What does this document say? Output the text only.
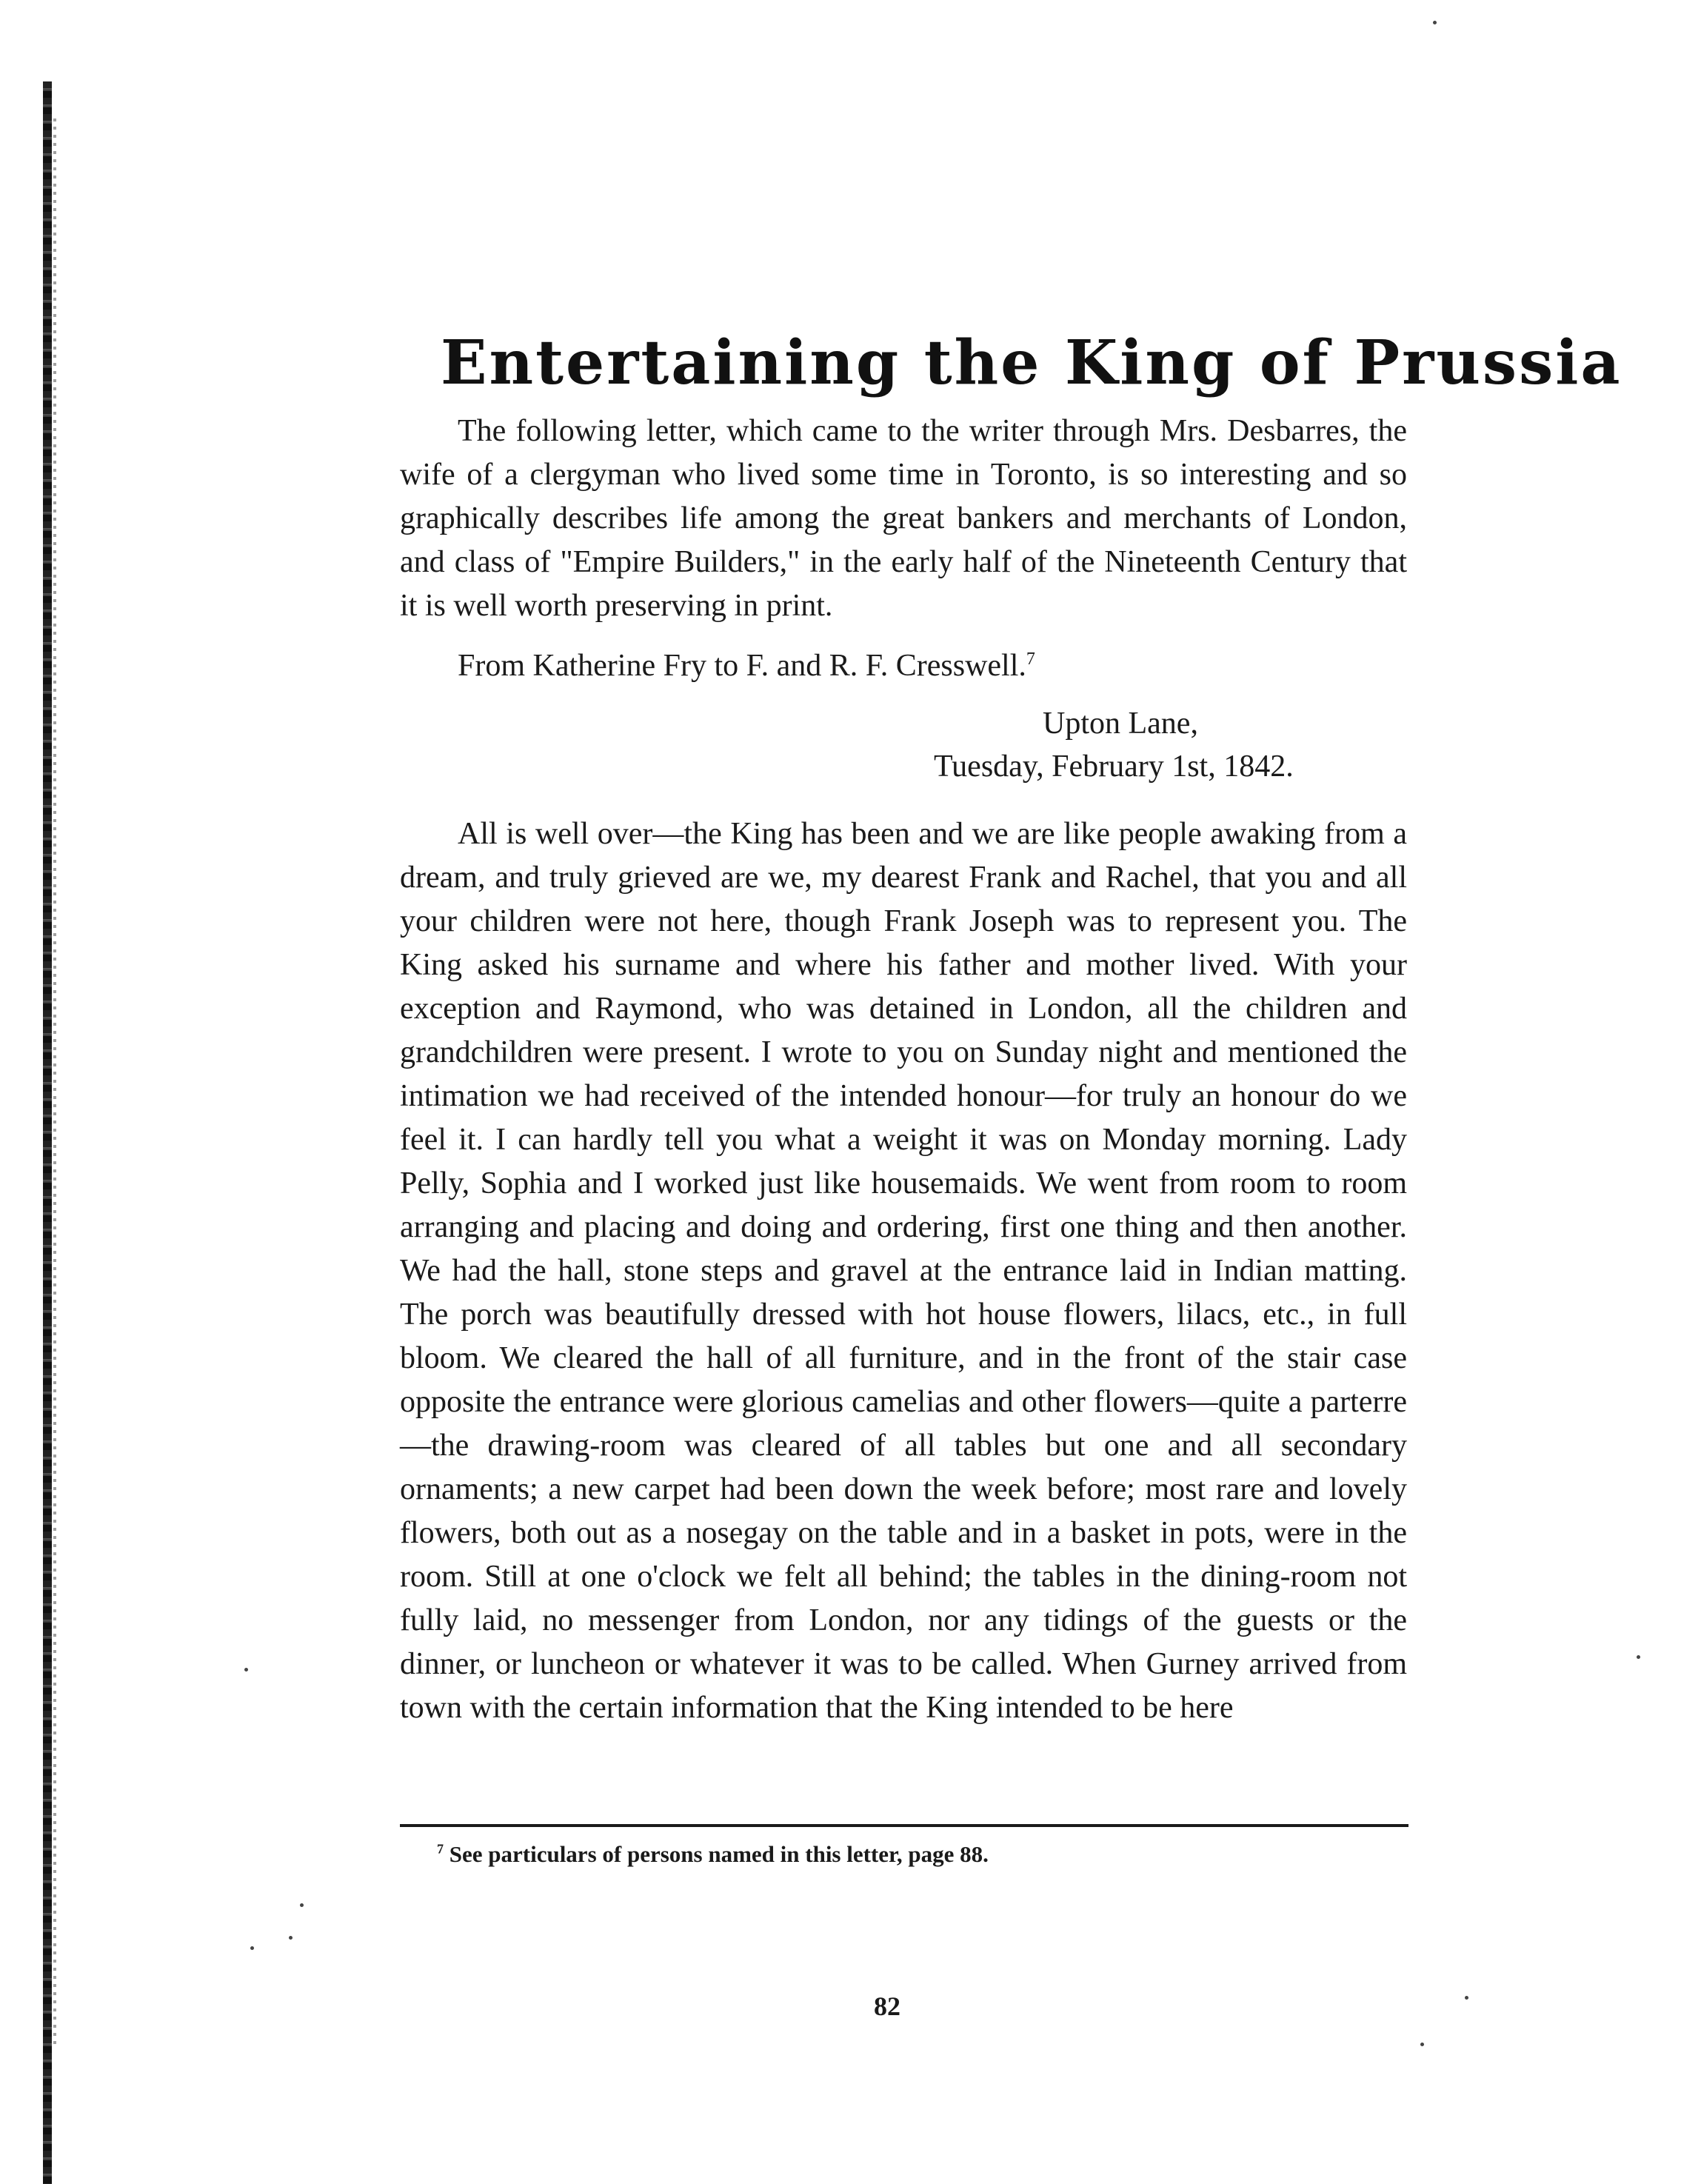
Entertaining the King of Prussia

The following letter, which came to the writer through Mrs. Desbarres, the wife of a clergyman who lived some time in Toronto, is so interesting and so graphically describes life among the great bankers and merchants of London, and class of "Empire Builders," in the early half of the Nineteenth Century that it is well worth preserving in print.

From Katherine Fry to F. and R. F. Cresswell.$^7$

Upton Lane,

Tuesday, February 1st, 1842.

All is well over—the King has been and we are like people awaking from a dream, and truly grieved are we, my dearest Frank and Rachel, that you and all your children were not here, though Frank Joseph was to represent you. The King asked his surname and where his father and mother lived. With your exception and Raymond, who was detained in London, all the children and grandchildren were present. I wrote to you on Sunday night and mentioned the intimation we had received of the intended honour—for truly an honour do we feel it. I can hardly tell you what a weight it was on Monday morning. Lady Pelly, Sophia and I worked just like housemaids. We went from room to room arranging and placing and doing and ordering, first one thing and then another. We had the hall, stone steps and gravel at the entrance laid in Indian matting. The porch was beautifully dressed with hot house flowers, lilacs, etc., in full bloom. We cleared the hall of all furniture, and in the front of the stair case opposite the entrance were glorious camelias and other flowers—quite a parterre—the drawing-room was cleared of all tables but one and all secondary ornaments; a new carpet had been down the week before; most rare and lovely flowers, both out as a nosegay on the table and in a basket in pots, were in the room. Still at one o'clock we felt all behind; the tables in the dining-room not fully laid, no messenger from London, nor any tidings of the guests or the dinner, or luncheon or whatever it was to be called. When Gurney arrived from town with the certain information that the King intended to be here

$^7$ See particulars of persons named in this letter, page 88.

82
